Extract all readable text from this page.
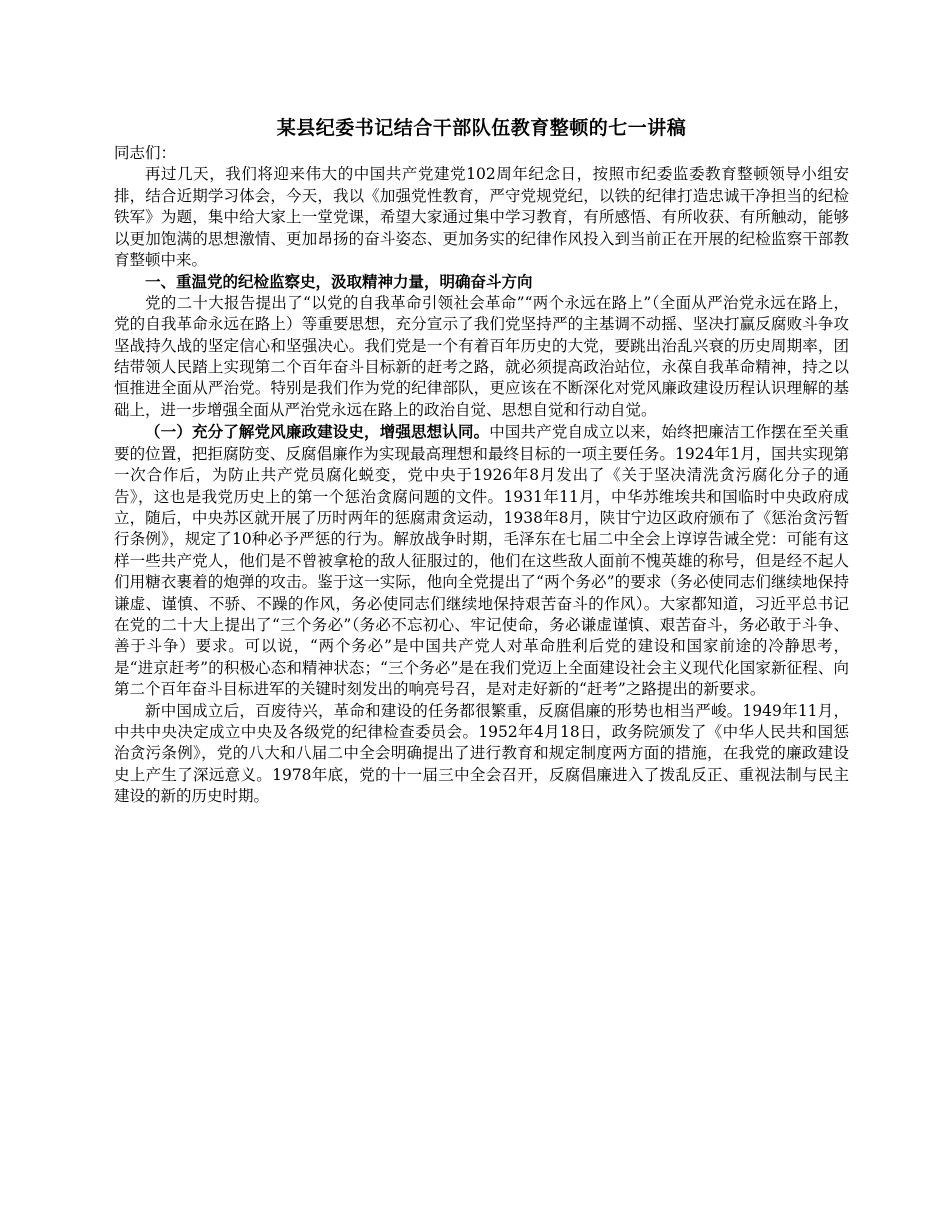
某县纪委书记结合干部队伍教育整顿的七一讲稿

同志们：

再过几天，我们将迎来伟大的中国共产党建党102周年纪念日，按照市纪委监委教育整顿领导小组安排，结合近期学习体会，今天，我以《加强党性教育，严守党规党纪，以铁的纪律打造忠诚干净担当的纪检铁军》为题，集中给大家上一堂党课，希望大家通过集中学习教育，有所感悟、有所收获、有所触动，能够以更加饱满的思想激情、更加昂扬的奋斗姿态、更加务实的纪律作风投入到当前正在开展的纪检监察干部教育整顿中来。

一、重温党的纪检监察史，汲取精神力量，明确奋斗方向

党的二十大报告提出了“以党的自我革命引领社会革命”“两个永远在路上”（全面从严治党永远在路上，党的自我革命永远在路上）等重要思想，充分宣示了我们党坚持严的主基调不动摇、坚决打赢反腐败斗争攻坚战持久战的坚定信心和坚强决心。我们党是一个有着百年历史的大党，要跳出治乱兴衰的历史周期率，团结带领人民踏上实现第二个百年奋斗目标新的赶考之路，就必须提高政治站位，永葆自我革命精神，持之以恒推进全面从严治党。特别是我们作为党的纪律部队，更应该在不断深化对党风廉政建设历程认识理解的基础上，进一步增强全面从严治党永远在路上的政治自觉、思想自觉和行动自觉。

（一）充分了解党风廉政建设史，增强思想认同。中国共产党自成立以来，始终把廉洁工作摆在至关重要的位置，把拒腐防变、反腐倡廉作为实现最高理想和最终目标的一项主要任务。1924年1月，国共实现第一次合作后，为防止共产党员腐化蜕变，党中央于1926年8月发出了《关于坚决清洗贪污腐化分子的通告》，这也是我党历史上的第一个惩治贪腐问题的文件。1931年11月，中华苏维埃共和国临时中央政府成立，随后，中央苏区就开展了历时两年的惩腐肃贪运动，1938年8月，陕甘宁边区政府颁布了《惩治贪污暂行条例》，规定了10种必予严惩的行为。解放战争时期，毛泽东在七届二中全会上谆谆告诫全党：可能有这样一些共产党人，他们是不曾被拿枪的敌人征服过的，他们在这些敌人面前不愧英雄的称号，但是经不起人们用糖衣裹着的炮弹的攻击。鉴于这一实际，他向全党提出了“两个务必”的要求（务必使同志们继续地保持谦虚、谨慎、不骄、不躁的作风，务必使同志们继续地保持艰苦奋斗的作风）。大家都知道，习近平总书记在党的二十大上提出了“三个务必”（务必不忘初心、牢记使命，务必谦虚谨慎、艰苦奋斗，务必敢于斗争、善于斗争）要求。可以说，“两个务必”是中国共产党人对革命胜利后党的建设和国家前途的冷静思考，是“进京赶考”的积极心态和精神状态；“三个务必”是在我们党迈上全面建设社会主义现代化国家新征程、向第二个百年奋斗目标进军的关键时刻发出的响亮号召，是对走好新的“赶考”之路提出的新要求。

新中国成立后，百废待兴，革命和建设的任务都很繁重，反腐倡廉的形势也相当严峻。1949年11月，中共中央决定成立中央及各级党的纪律检查委员会。1952年4月18日，政务院颁发了《中华人民共和国惩治贪污条例》，党的八大和八届二中全会明确提出了进行教育和规定制度两方面的措施，在我党的廉政建设史上产生了深远意义。1978年底，党的十一届三中全会召开，反腐倡廉进入了拨乱反正、重视法制与民主建设的新的历史时期。
